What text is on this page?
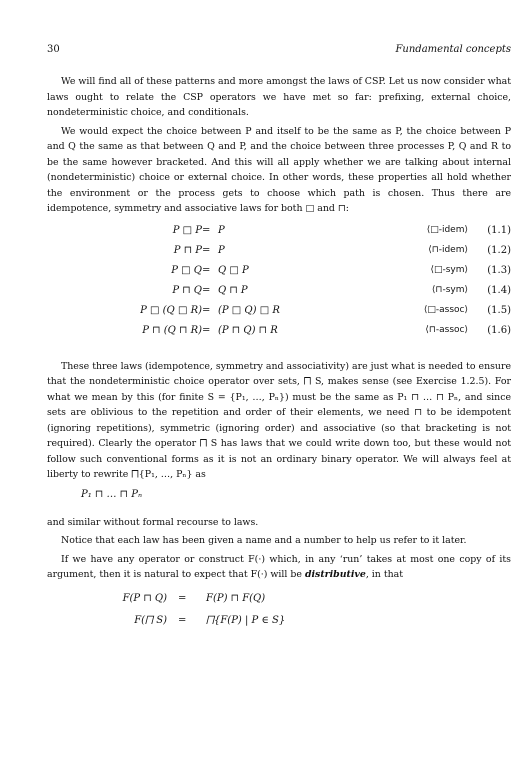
30	Fundamental concepts

We will find all of these patterns and more amongst the laws of CSP. Let us now consider what laws ought to relate the CSP operators we have met so far: prefixing, external choice, nondeterministic choice, and conditionals.

We would expect the choice between P and itself to be the same as P, the choice between P and Q the same as that between Q and P, and the choice between three processes P, Q and R to be the same however bracketed. And this will all apply whether we are talking about internal (nondeterministic) choice or external choice. In other words, these properties all hold whether the environment or the process gets to choose which path is chosen. Thus there are idempotence, symmetry and associative laws for both □ and ⊓:

P □ P = P	⟨□-idem⟩ (1.1)
P ⊓ P = P	⟨⊓-idem⟩ (1.2)
P □ Q = Q □ P	⟨□-sym⟩ (1.3)
P ⊓ Q = Q ⊓ P	⟨⊓-sym⟩ (1.4)
P □ (Q □ R) = (P □ Q) □ R	⟨□-assoc⟩ (1.5)
P ⊓ (Q ⊓ R) = (P ⊓ Q) ⊓ R	⟨⊓-assoc⟩ (1.6)

These three laws (idempotence, symmetry and associativity) are just what is needed to ensure that the nondeterministic choice operator over sets, ⨅ S, makes sense (see Exercise 1.2.5). For what we mean by this (for finite S = {P₁, …, Pₙ}) must be the same as P₁ ⊓ … ⊓ Pₙ, and since sets are oblivious to the repetition and order of their elements, we need ⊓ to be idempotent (ignoring repetitions), symmetric (ignoring order) and associative (so that bracketing is not required). Clearly the operator ⨅ S has laws that we could write down too, but these would not follow such conventional forms as it is not an ordinary binary operator. We will always feel at liberty to rewrite ⨅{P₁, …, Pₙ} as

P₁ ⊓ … ⊓ Pₙ

and similar without formal recourse to laws.

Notice that each law has been given a name and a number to help us refer to it later.

If we have any operator or construct F(·) which, in any ‘run’ takes at most one copy of its argument, then it is natural to expect that F(·) will be distributive, in that

F(P ⊓ Q) = F(P) ⊓ F(Q)
F(⨅ S) = ⨅{F(P) | P ∈ S}
